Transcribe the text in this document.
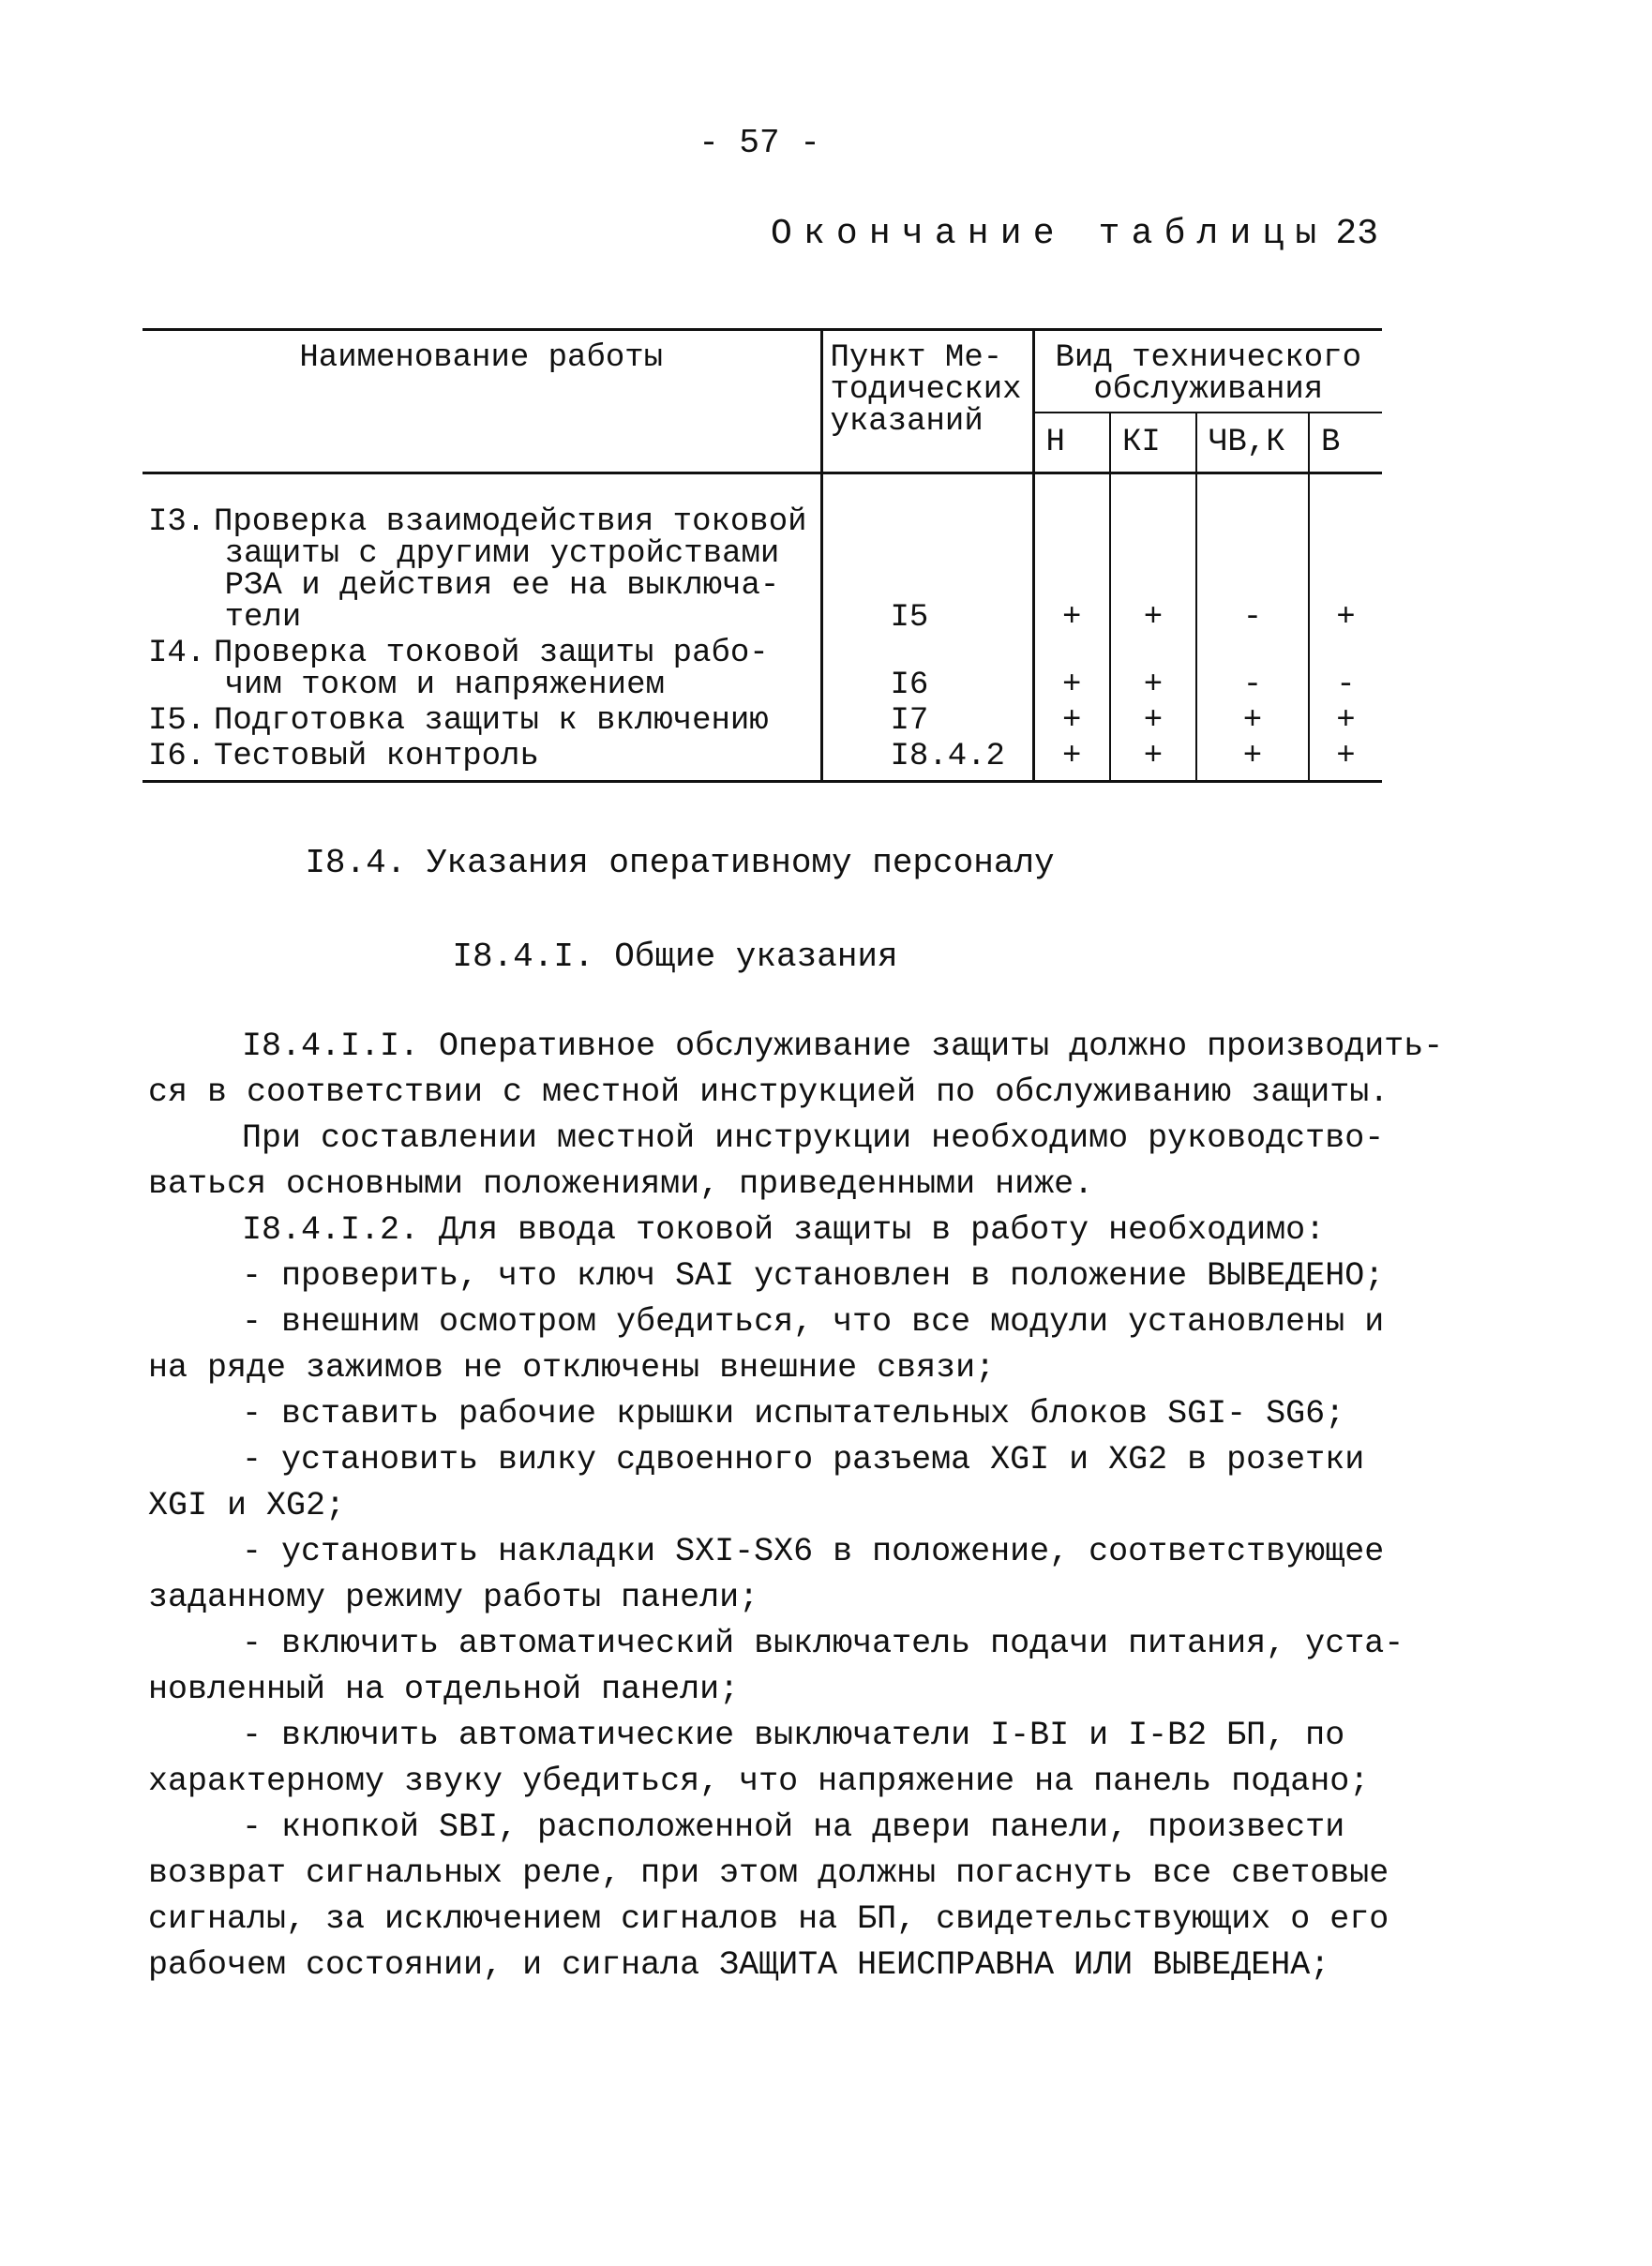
- 57 -
Окончание таблицы 23
Наименование работы	Пункт Ме-
тодических
указаний	Вид технического
обслуживания			
		Н	КI	ЧВ,К	В
I3. Проверка взаимодействия токовой
защиты с другими устройствами
РЗА и действия ее на выключа-
тели	I5	+	+	-	+
I4. Проверка токовой защиты рабо-
чим током и напряжением	I6	+	+	-	-
I5. Подготовка защиты к включению	I7	+	+	+	+
I6. Тестовый контроль	I8.4.2	+	+	+	+
I8.4. Указания оперативному персоналу
I8.4.I. Общие указания
I8.4.I.I. Оперативное обслуживание защиты должно производить-
ся в соответствии с местной инструкцией по обслуживанию защиты.
При составлении местной инструкции необходимо руководство-
ваться основными положениями, приведенными ниже.
I8.4.I.2. Для ввода токовой защиты в работу необходимо:
- проверить, что ключ SAI установлен в положение ВЫВЕДЕНО;
- внешним осмотром убедиться, что все модули установлены и
на ряде зажимов не отключены внешние связи;
- вставить рабочие крышки испытательных блоков SGI- SG6;
- установить вилку сдвоенного разъема XGI и XG2 в розетки
XGI и XG2;
- установить накладки SXI-SX6 в положение, соответствующее
заданному режиму работы панели;
- включить автоматический выключатель подачи питания, уста-
новленный на отдельной панели;
- включить автоматические выключатели I-BI и I-B2 БП, по
характерному звуку убедиться, что напряжение на панель подано;
- кнопкой SBI, расположенной на двери панели, произвести
возврат сигнальных реле, при этом должны погаснуть все световые
сигналы, за исключением сигналов на БП, свидетельствующих о его
рабочем состоянии, и сигнала ЗАЩИТА НЕИСПРАВНА ИЛИ ВЫВЕДЕНА;
